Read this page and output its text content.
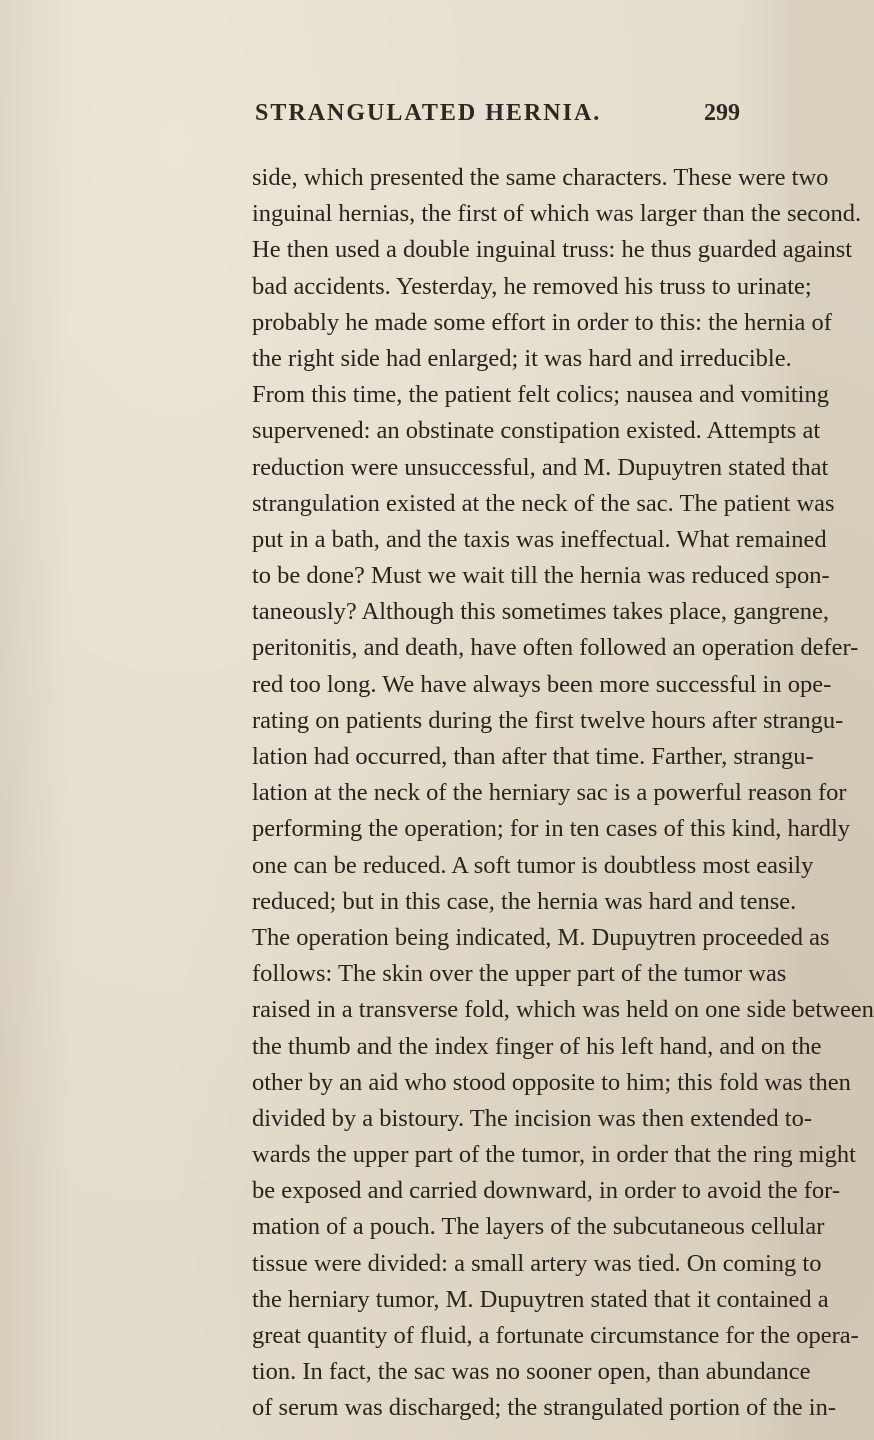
STRANGULATED HERNIA.	299
side, which presented the same characters. These were two
inguinal hernias, the first of which was larger than the second.
He then used a double inguinal truss: he thus guarded against
bad accidents. Yesterday, he removed his truss to urinate;
probably he made some effort in order to this: the hernia of
the right side had enlarged; it was hard and irreducible.
From this time, the patient felt colics; nausea and vomiting
supervened: an obstinate constipation existed. Attempts at
reduction were unsuccessful, and M. Dupuytren stated that
strangulation existed at the neck of the sac. The patient was
put in a bath, and the taxis was ineffectual. What remained
to be done? Must we wait till the hernia was reduced spon-
taneously? Although this sometimes takes place, gangrene,
peritonitis, and death, have often followed an operation defer-
red too long. We have always been more successful in ope-
rating on patients during the first twelve hours after strangu-
lation had occurred, than after that time. Farther, strangu-
lation at the neck of the herniary sac is a powerful reason for
performing the operation; for in ten cases of this kind, hardly
one can be reduced. A soft tumor is doubtless most easily
reduced; but in this case, the hernia was hard and tense.
The operation being indicated, M. Dupuytren proceeded as
follows: The skin over the upper part of the tumor was
raised in a transverse fold, which was held on one side between
the thumb and the index finger of his left hand, and on the
other by an aid who stood opposite to him; this fold was then
divided by a bistoury. The incision was then extended to-
wards the upper part of the tumor, in order that the ring might
be exposed and carried downward, in order to avoid the for-
mation of a pouch. The layers of the subcutaneous cellular
tissue were divided: a small artery was tied. On coming to
the herniary tumor, M. Dupuytren stated that it contained a
great quantity of fluid, a fortunate circumstance for the opera-
tion. In fact, the sac was no sooner open, than abundance
of serum was discharged; the strangulated portion of the in-
